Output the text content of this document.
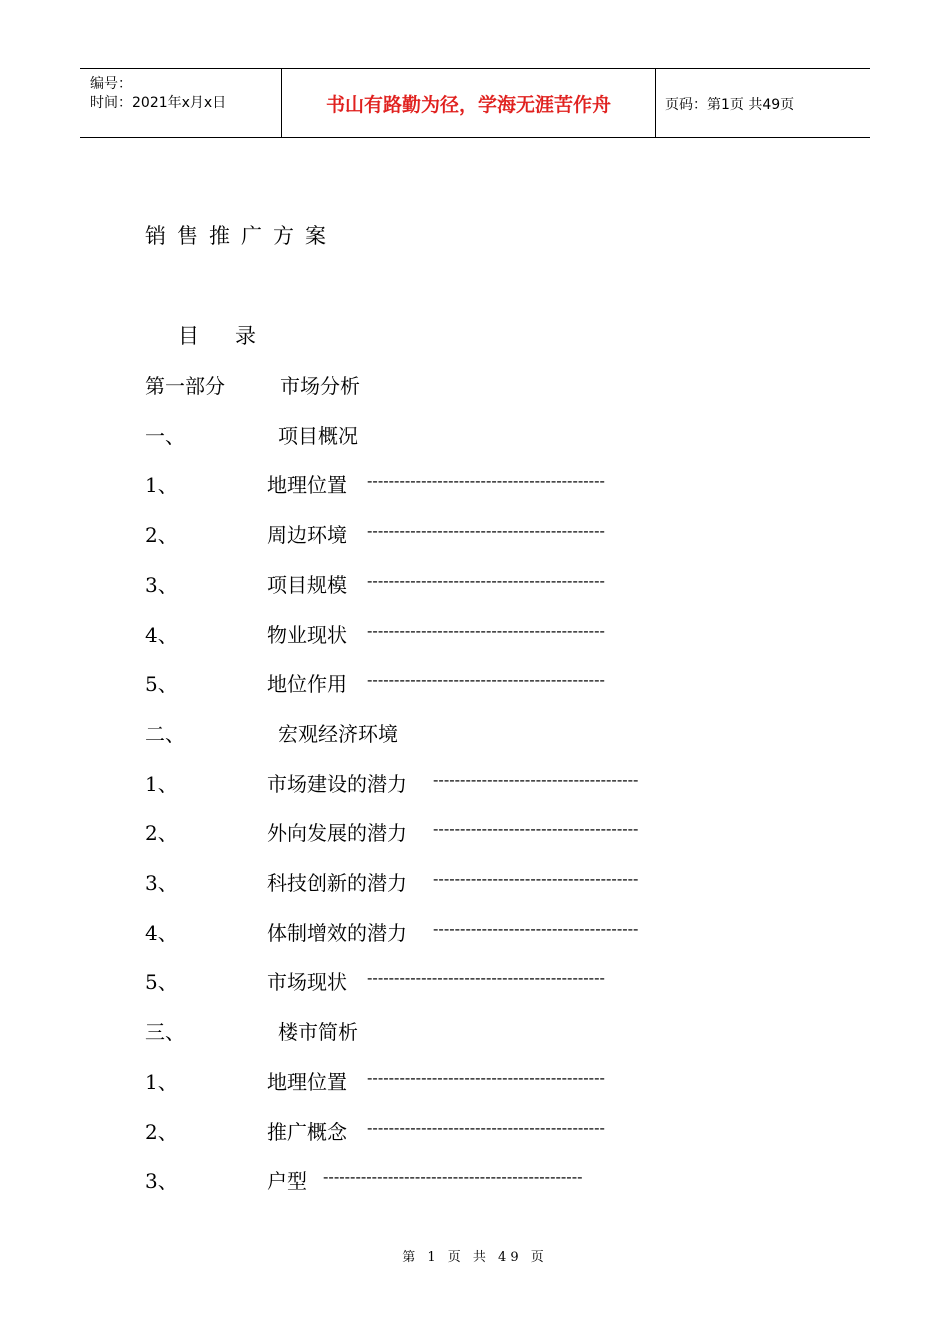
编号：
时间：2021年x月x日	书山有路勤为径，学海无涯苦作舟	页码：第1页 共49页
销售推广方案
目录
第一部分	市场分析
一、	项目概况
1、	地理位置 --------------------------------------------
2、	周边环境 --------------------------------------------
3、	项目规模 --------------------------------------------
4、	物业现状 --------------------------------------------
5、	地位作用 --------------------------------------------
二、	宏观经济环境
1、	市场建设的潜力 --------------------------------------
2、	外向发展的潜力 --------------------------------------
3、	科技创新的潜力 --------------------------------------
4、	体制增效的潜力 --------------------------------------
5、	市场现状 --------------------------------------------
三、	楼市简析
1、	地理位置 --------------------------------------------
2、	推广概念 --------------------------------------------
3、	户型 ------------------------------------------------
第 1 页 共 49 页
